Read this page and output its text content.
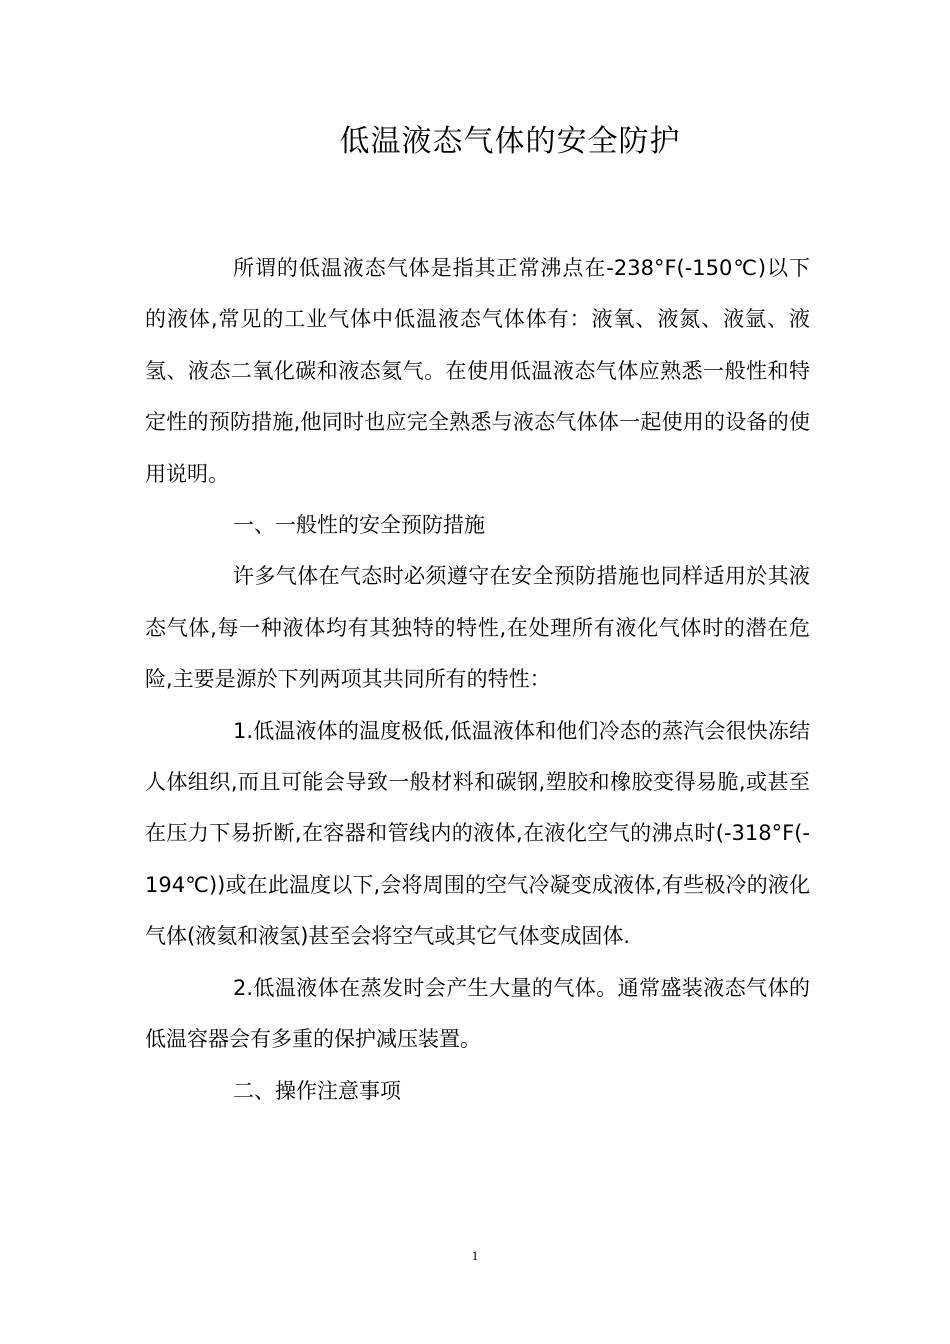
低温液态气体的安全防护

所谓的低温液态气体是指其正常沸点在-238°F(-150℃)以下的液体,常见的工业气体中低温液态气体体有：液氧、液氮、液氩、液氢、液态二氧化碳和液态氦气。在使用低温液态气体应熟悉一般性和特定性的预防措施,他同时也应完全熟悉与液态气体体一起使用的设备的使用说明。

一、一般性的安全预防措施

许多气体在气态时必须遵守在安全预防措施也同样适用於其液态气体,每一种液体均有其独特的特性,在处理所有液化气体时的潜在危险,主要是源於下列两项其共同所有的特性：

1.低温液体的温度极低,低温液体和他们冷态的蒸汽会很快冻结人体组织,而且可能会导致一般材料和碳钢,塑胶和橡胶变得易脆,或甚至在压力下易折断,在容器和管线内的液体,在液化空气的沸点时(-318°F(-194℃))或在此温度以下,会将周围的空气冷凝变成液体,有些极冷的液化气体(液氦和液氢)甚至会将空气或其它气体变成固体.

2.低温液体在蒸发时会产生大量的气体。通常盛装液态气体的低温容器会有多重的保护减压装置。

二、操作注意事项

1
